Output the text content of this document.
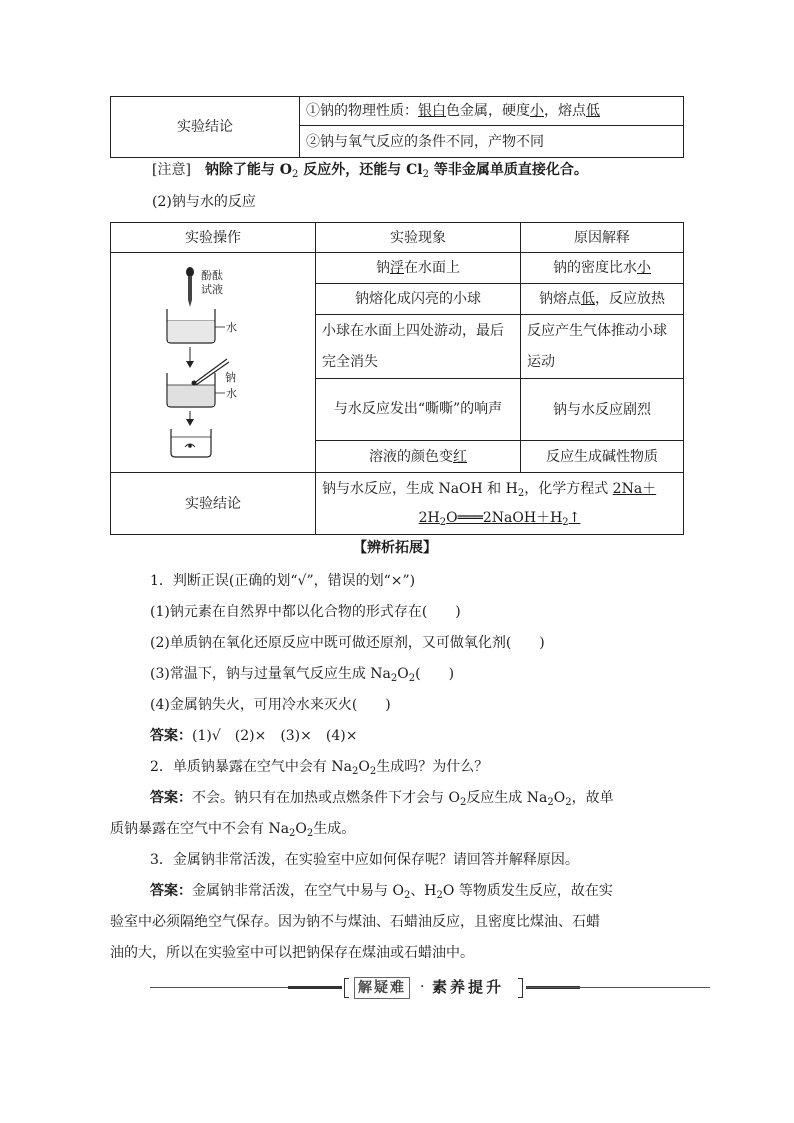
实验结论	①钠的物理性质：银白色金属，硬度小，熔点低
②钠与氧气反应的条件不同，产物不同
[注意]　 钠除了能与 $O_2$ 反应外，还能与 $Cl_2$ 等非金属单质直接化合。
(2)钠与水的反应
实验操作	实验现象	原因解释

酚酞
试液
水
钠
水	钠浮在水面上	钠的密度比水小
	钠熔化成闪亮的小球	钠熔点低，反应放热
	小球在水面上四处游动，最后完全消失	反应产生气体推动小球运动
	与水反应发出“嘶嘶”的响声	钠与水反应剧烈
	溶液的颜色变红	反应生成碱性物质
实验结论	钠与水反应，生成 NaOH 和 $H_2$，化学方程式 2Na＋
$2H_2O═══2NaOH+H_2↑$	
【辨析拓展】
1．判断正误(正确的划“√”，错误的划“×”)
(1)钠元素在自然界中都以化合物的形式存在(　　)
(2)单质钠在氧化还原反应中既可做还原剂，又可做氧化剂(　　)
(3)常温下，钠与过量氧气反应生成 $Na_2O_2$(　　)
(4)金属钠失火，可用冷水来灭火(　　)
答案：(1)√　(2)×　(3)×　(4)×
2．单质钠暴露在空气中会有 $Na_2O_2$生成吗？为什么？
答案：不会。钠只有在加热或点燃条件下才会与 $O_2$反应生成 $Na_2O_2$，故单
质钠暴露在空气中不会有 $Na_2O_2$生成。
3．金属钠非常活泼，在实验室中应如何保存呢？请回答并解释原因。
答案：金属钠非常活泼，在空气中易与 $O_2$、$H_2O$ 等物质发生反应，故在实
验室中必须隔绝空气保存。因为钠不与煤油、石蜡油反应，且密度比煤油、石蜡
油的大，所以在实验室中可以把钠保存在煤油或石蜡油中。
解疑难 · 素养提升
